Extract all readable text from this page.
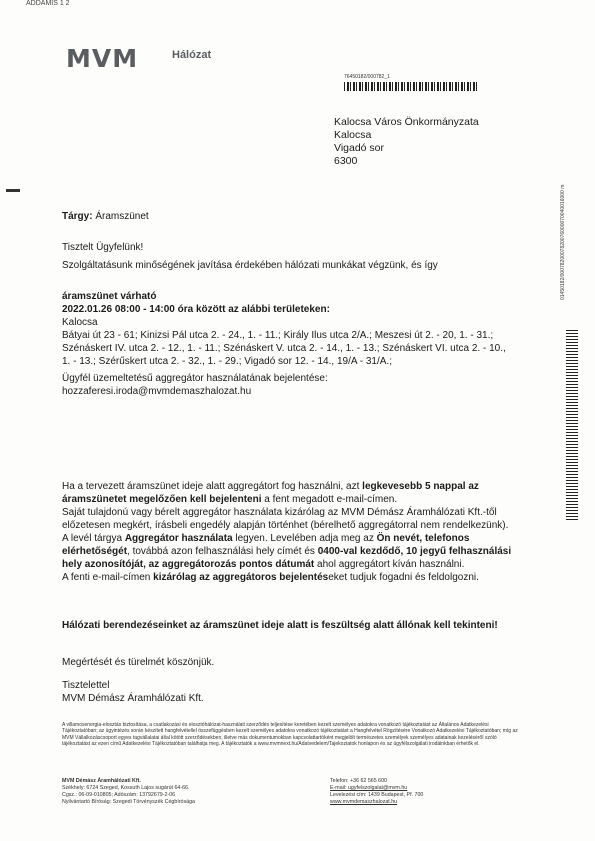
ADDÁMIS 1 2
MVM	Hálózat
76450182/000782_1
Kalocsa Város Önkormányzata
Kalocsa
Vigadó sor
6300
01450182/0007820007820076000070040016000 m
Tárgy: Áramszünet
Tisztelt Ügyfelünk!
Szolgáltatásunk minőségének javítása érdekében hálózati munkákat végzünk, és így
áramszünet várható
2022.01.26 08:00 - 14:00 óra között az alábbi területeken:
Kalocsa
Bátyai út 23 - 61; Kinizsi Pál utca 2. - 24., 1. - 11.; Király Ilus utca 2/A.; Meszesi út 2. - 20, 1. - 31.; Szénáskert IV. utca 2. - 12., 1. - 11.; Szénáskert V. utca 2. - 14., 1. - 13.; Szénáskert VI. utca 2. - 10., 1. - 13.; Szérűskert utca 2. - 32., 1. - 29.; Vigadó sor 12. - 14., 19/A - 31/A.;
Ügyfél üzemeltetésű aggregátor használatának bejelentése:
hozzaferesi.iroda@mvmdemaszhalozat.hu
Ha a tervezett áramszünet ideje alatt aggregátort fog használni, azt legkevesebb 5 nappal az áramszünetet megelőzően kell bejelenteni a fent megadott e-mail-címen.
Saját tulajdonú vagy bérelt aggregátor használata kizárólag az MVM Démász Áramhálózati Kft.-től előzetesen megkért, írásbeli engedély alapján történhet (bérelhető aggregátorral nem rendelkezünk).
A levél tárgya Aggregátor használata legyen. Levelében adja meg az Ön nevét, telefonos elérhetőségét, továbbá azon felhasználási hely címét és 0400-val kezdődő, 10 jegyű felhasználási hely azonosítóját, az aggregátorozás pontos dátumát ahol aggregátort kíván használni.
A fenti e-mail-címen kizárólag az aggregátoros bejelentéseket tudjuk fogadni és feldolgozni.
Hálózati berendezéseinket az áramszünet ideje alatt is feszültség alatt állónak kell tekinteni!
Megértését és türelmét köszönjük.
Tisztelettel
MVM Démász Áramhálózati Kft.
A villamosenergia-elosztás biztosítása, a csatlakozási és elosztóhálózat-használati szerződés teljesítése keretében kezelt személyes adatokra vonatkozó tájékoztatást az Általános Adatkezelési Tájékoztatóban; az ügyintézés során készített hangfelvétellel összefüggésben kezelt személyes adatokra vonatkozó tájékoztatást a Hangfelvétel Rögzítésére Vonatkozó Adatkezelési Tájékoztatóban; míg az MVM Vállalkozáscsoport egyes tagvállalatai által kötött szerződésekben, illetve más dokumentumokban kapcsolattartóként megjelölt természetes személyek személyes adatainak kezelésérőI szóló tájékoztatást az ezen című Adatkezelési Tájékoztatóban találhatja meg. A tájékoztatók a www.mvmnext.hu/Adatvedelem/Tajekoztatok honlapon és az ügyfélszolgálati irodáinkban érhetők el.
MVM Démász Áramhálózati Kft.
Székhely: 6724 Szeged, Kossuth Lajos sugárút 64-66.
Cgsz.: 06-09-010805; Adószám: 13792679-2-06
Nyilvántartó Bíróság: Szegedi Törvényszék Cégbírósága
Telefon: +36 62 565 600
E-mail: ugyfelszolgalat@mvm.hu
Levelezési cím: 1439 Budapest, Pf. 700
www.mvmdemaszhalozat.hu
